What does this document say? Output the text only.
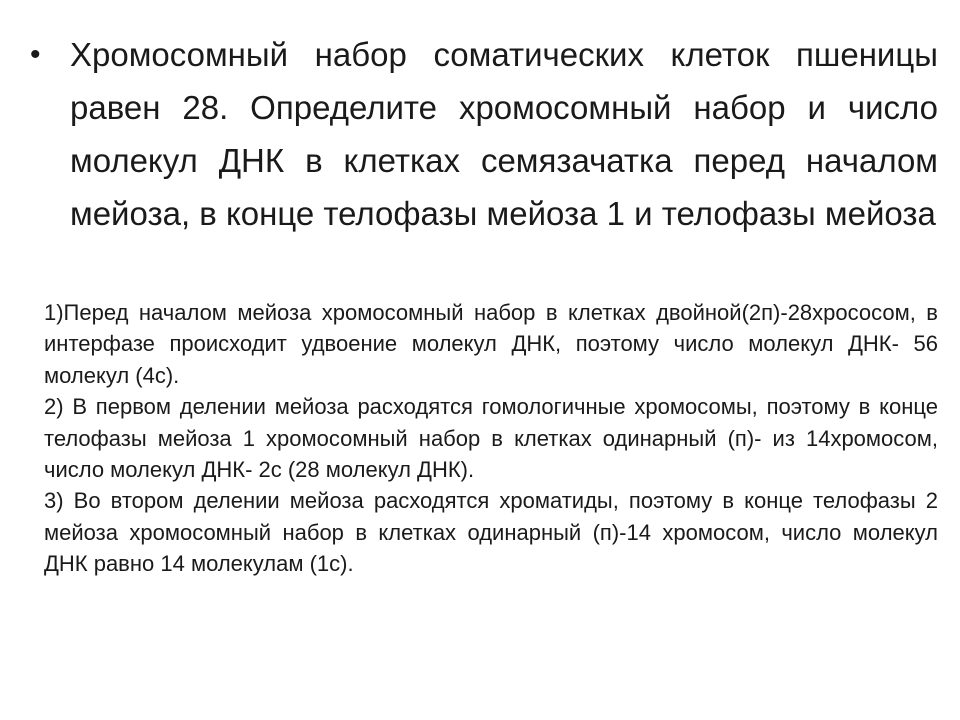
• Хромосомный набор соматических клеток пшеницы равен 28. Определите хромосомный набор и число молекул ДНК в клетках семязачатка перед началом мейоза, в конце телофазы мейоза 1 и телофазы мейоза

1)Перед началом мейоза хромосомный набор в клетках двойной(2п)-28хрососом, в интерфазе происходит удвоение молекул ДНК, поэтому число молекул ДНК- 56 молекул (4с).

2) В первом делении мейоза расходятся гомологичные хромосомы, поэтому в конце телофазы мейоза 1 хромосомный набор в клетках одинарный (п)- из 14хромосом, число молекул ДНК- 2с (28 молекул ДНК).

3) Во втором делении мейоза расходятся хроматиды, поэтому в конце телофазы 2 мейоза хромосомный набор в клетках одинарный (п)-14 хромосом, число молекул ДНК равно 14 молекулам (1с).
